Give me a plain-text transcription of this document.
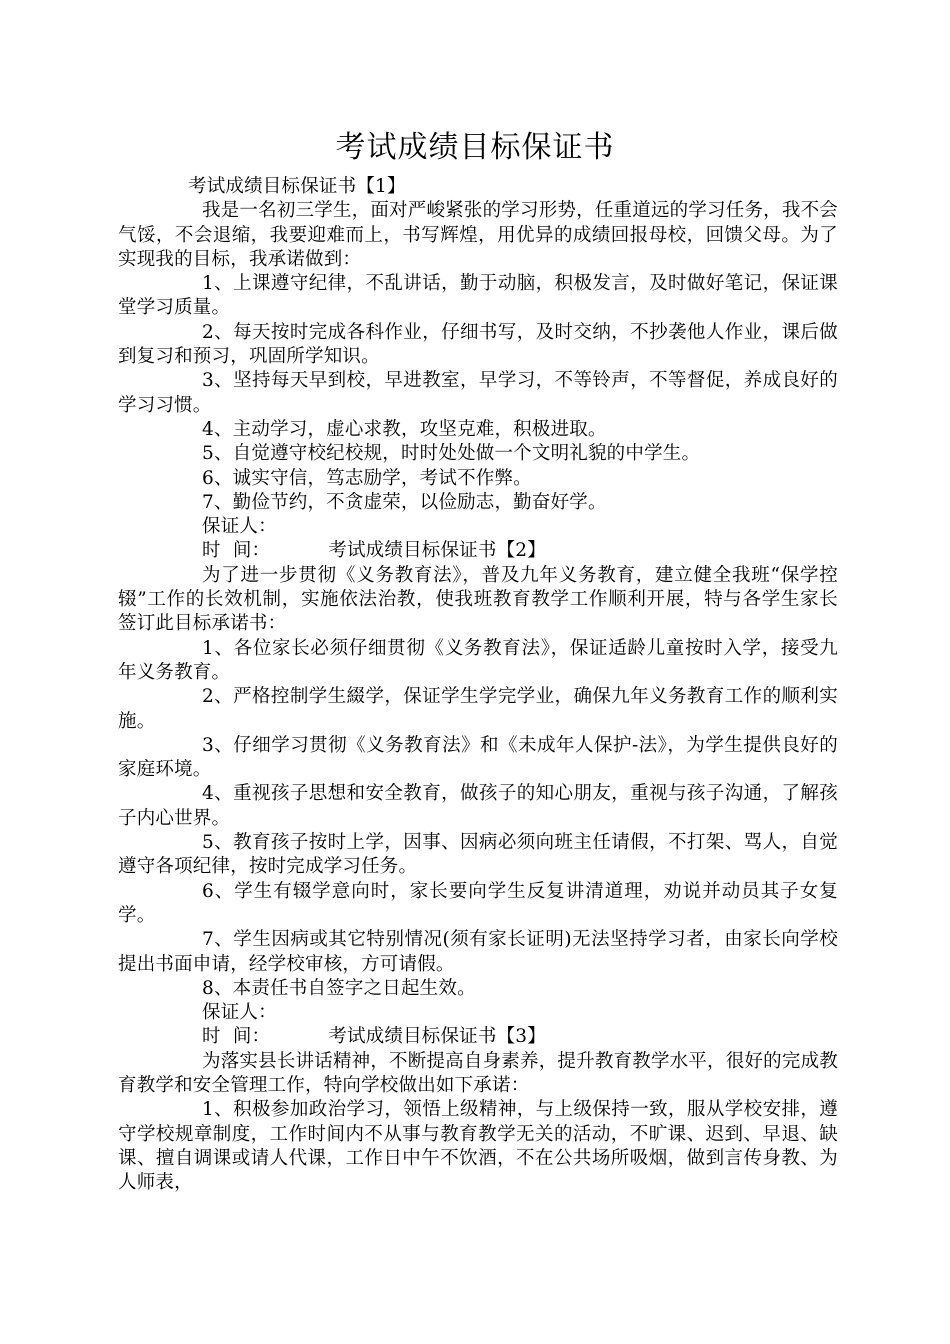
考试成绩目标保证书

考试成绩目标保证书【1】

我是一名初三学生，面对严峻紧张的学习形势，任重道远的学习任务，我不会气馁，不会退缩，我要迎难而上，书写辉煌，用优异的成绩回报母校，回馈父母。为了实现我的目标，我承诺做到：

1、上课遵守纪律，不乱讲话，勤于动脑，积极发言，及时做好笔记，保证课堂学习质量。

2、每天按时完成各科作业，仔细书写，及时交纳，不抄袭他人作业，课后做到复习和预习，巩固所学知识。

3、坚持每天早到校，早进教室，早学习，不等铃声，不等督促，养成良好的学习习惯。

4、主动学习，虚心求教，攻坚克难，积极进取。

5、自觉遵守校纪校规，时时处处做一个文明礼貌的中学生。

6、诚实守信，笃志励学，考试不作弊。

7、勤俭节约，不贪虚荣，以俭励志，勤奋好学。

保证人：

时  间：	考试成绩目标保证书【2】

为了进一步贯彻《义务教育法》，普及九年义务教育，建立健全我班“保学控辍”工作的长效机制，实施依法治教，使我班教育教学工作顺利开展，特与各学生家长签订此目标承诺书：

1、各位家长必须仔细贯彻《义务教育法》，保证适龄儿童按时入学，接受九年义务教育。

2、严格控制学生綴学，保证学生学完学业，确保九年义务教育工作的顺利实施。

3、仔细学习贯彻《义务教育法》和《未成年人保护-法》，为学生提供良好的家庭环境。

4、重视孩子思想和安全教育，做孩子的知心朋友，重视与孩子沟通，了解孩子内心世界。

5、教育孩子按时上学，因事、因病必须向班主任请假，不打架、骂人，自觉遵守各项纪律，按时完成学习任务。

6、学生有辍学意向时，家长要向学生反复讲清道理，劝说并动员其子女复学。

7、学生因病或其它特别情况(须有家长证明)无法坚持学习者，由家长向学校提出书面申请，经学校审核，方可请假。

8、本责任书自签字之日起生效。

保证人：

时  间：	考试成绩目标保证书【3】

为落实县长讲话精神，不断提高自身素养，提升教育教学水平，很好的完成教育教学和安全管理工作，特向学校做出如下承诺：

1、积极参加政治学习，领悟上级精神，与上级保持一致，服从学校安排，遵守学校规章制度，工作时间内不从事与教育教学无关的活动，不旷课、迟到、早退、缺课、擅自调课或请人代课，工作日中午不饮酒，不在公共场所吸烟，做到言传身教、为人师表，
